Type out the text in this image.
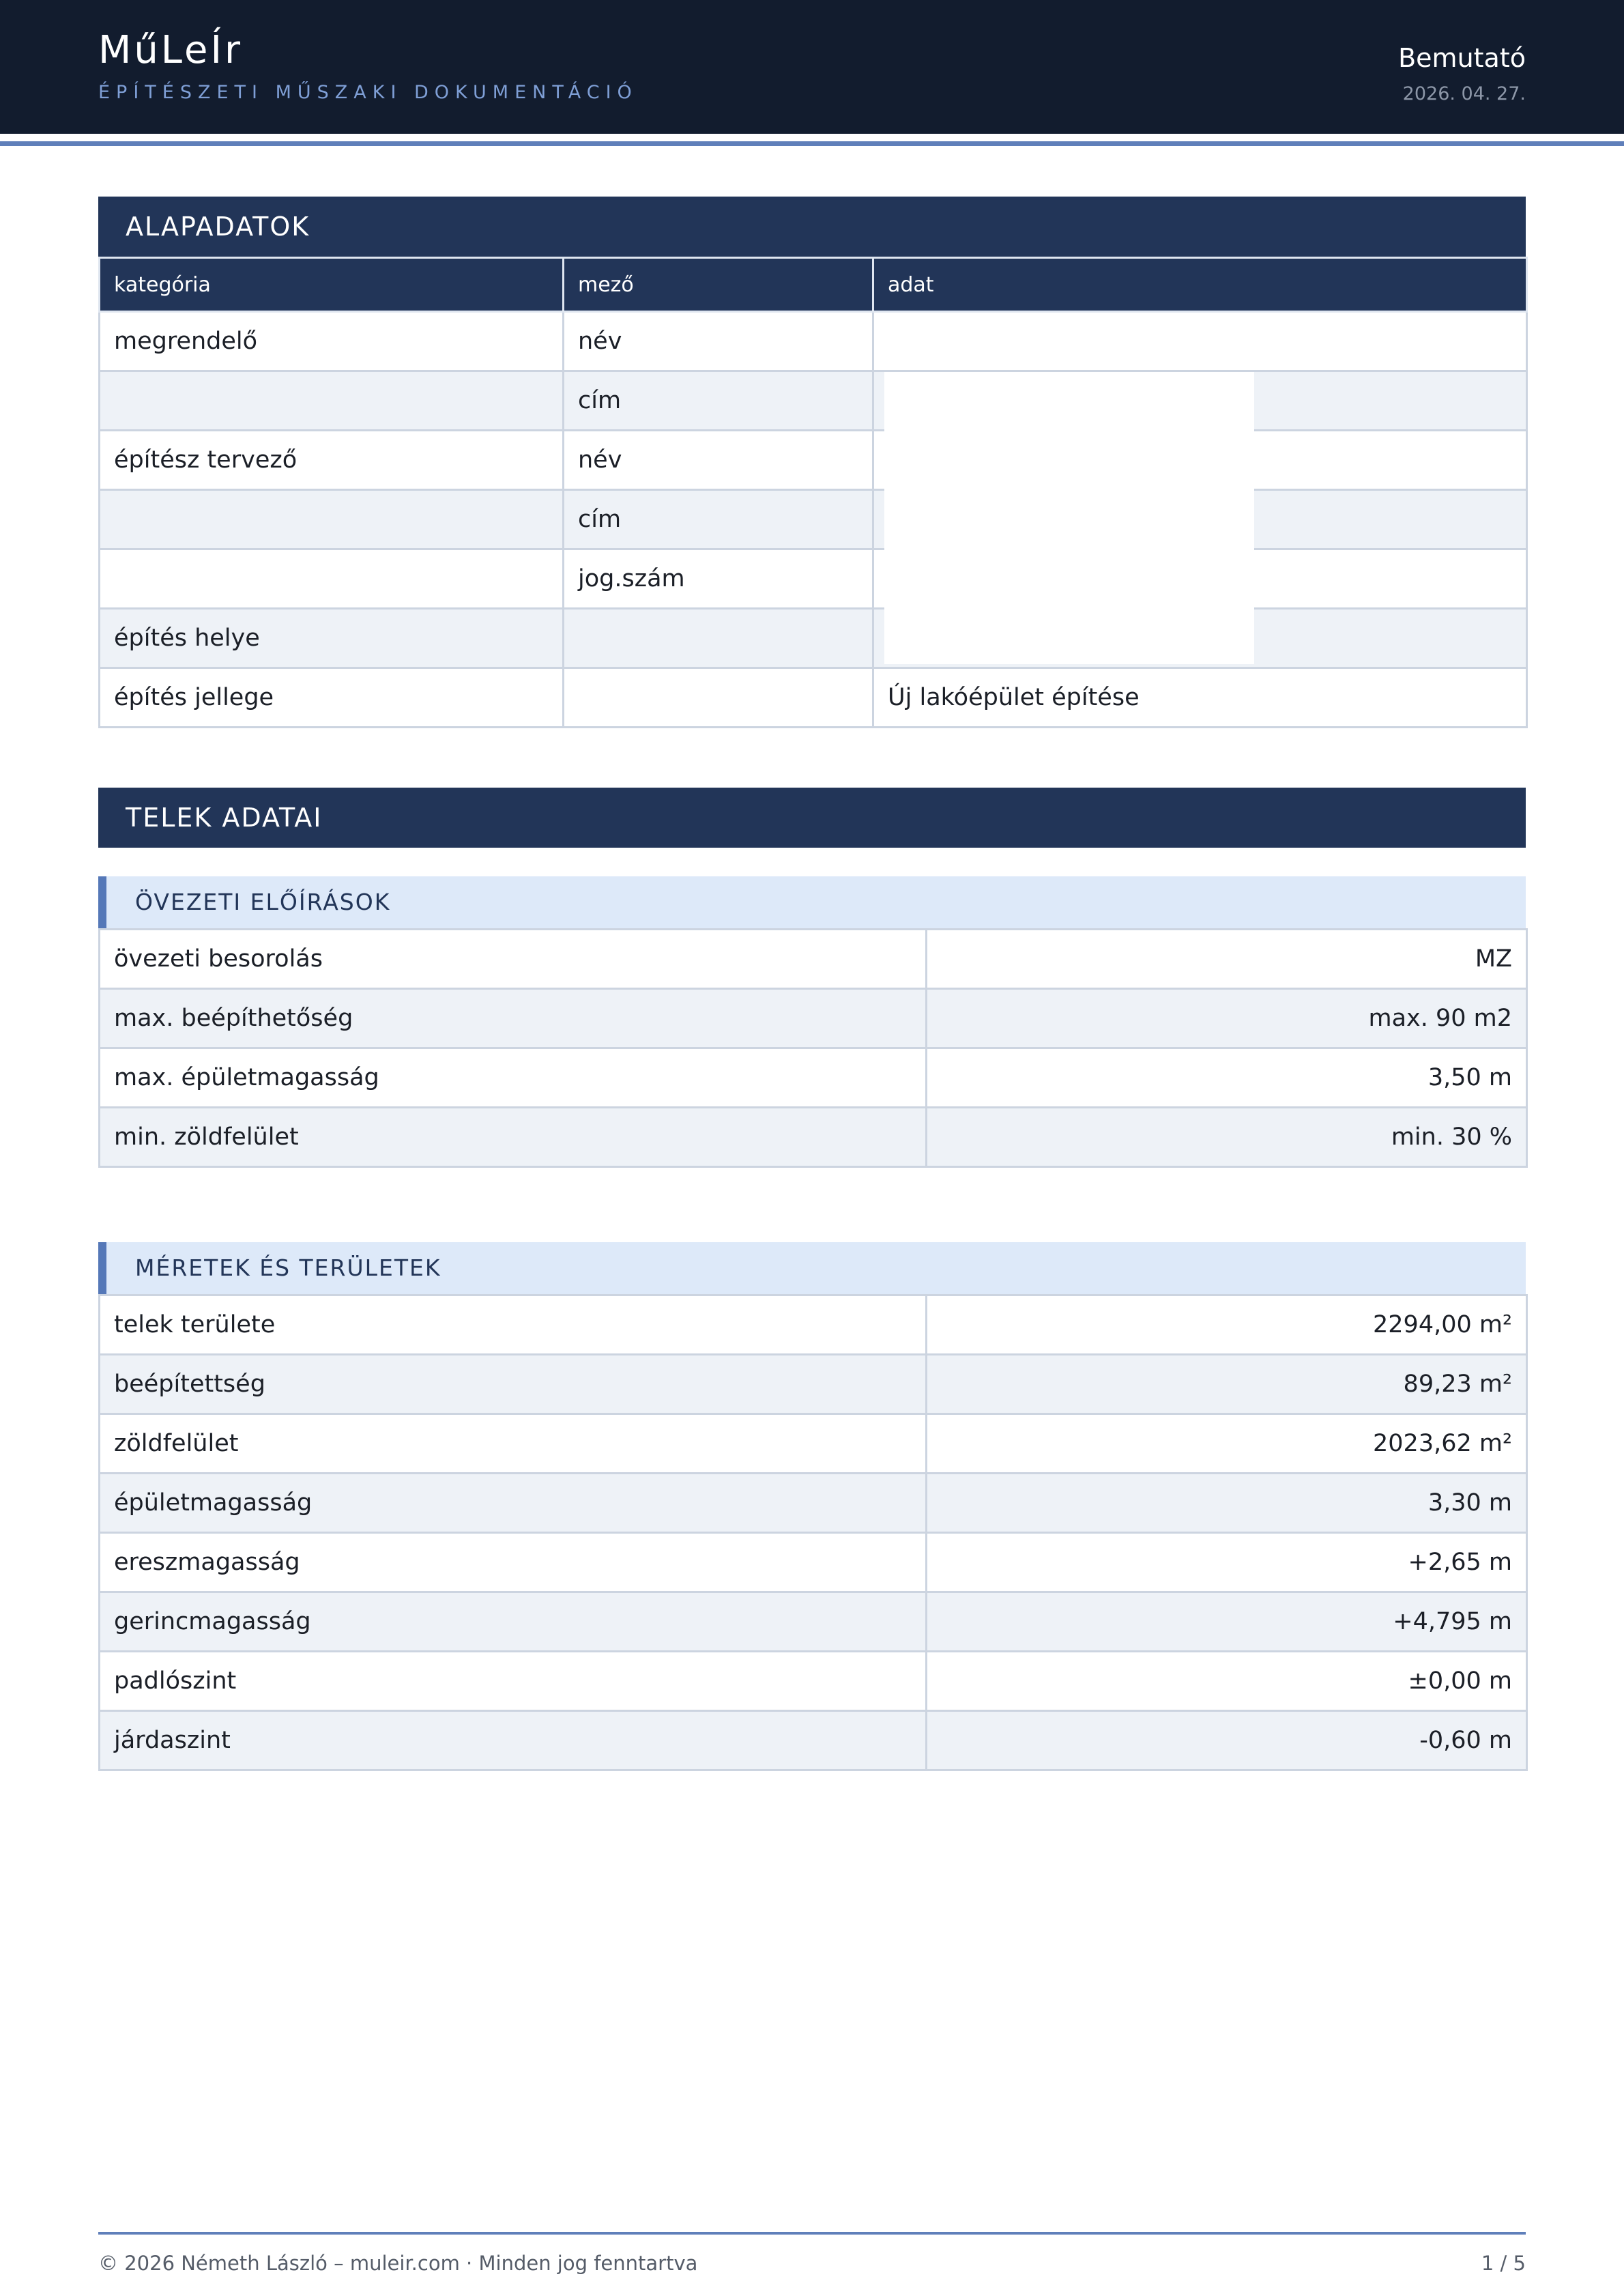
MűLeÍr
ÉPÍTÉSZETI MŰSZAKI DOKUMENTÁCIÓ
Bemutató
2026. 04. 27.
ALAPADATOK
kategória	mező	adat
megrendelő	név	
	cím	
építész tervező	név	
	cím	
	jog.szám	
építés helye		
építés jellege		Új lakóépület építése
TELEK ADATAI
ÖVEZETI ELŐÍRÁSOK
övezeti besorolás	MZ
max. beépíthetőség	max. 90 m2
max. épületmagasság	3,50 m
min. zöldfelület	min. 30 %
MÉRETEK ÉS TERÜLETEK
telek területe	2294,00 m²
beépítettség	89,23 m²
zöldfelület	2023,62 m²
épületmagasság	3,30 m
ereszmagasság	+2,65 m
gerincmagasság	+4,795 m
padlószint	±0,00 m
járdaszint	-0,60 m
© 2026 Németh László – muleir.com · Minden jog fenntartva	1 / 5
